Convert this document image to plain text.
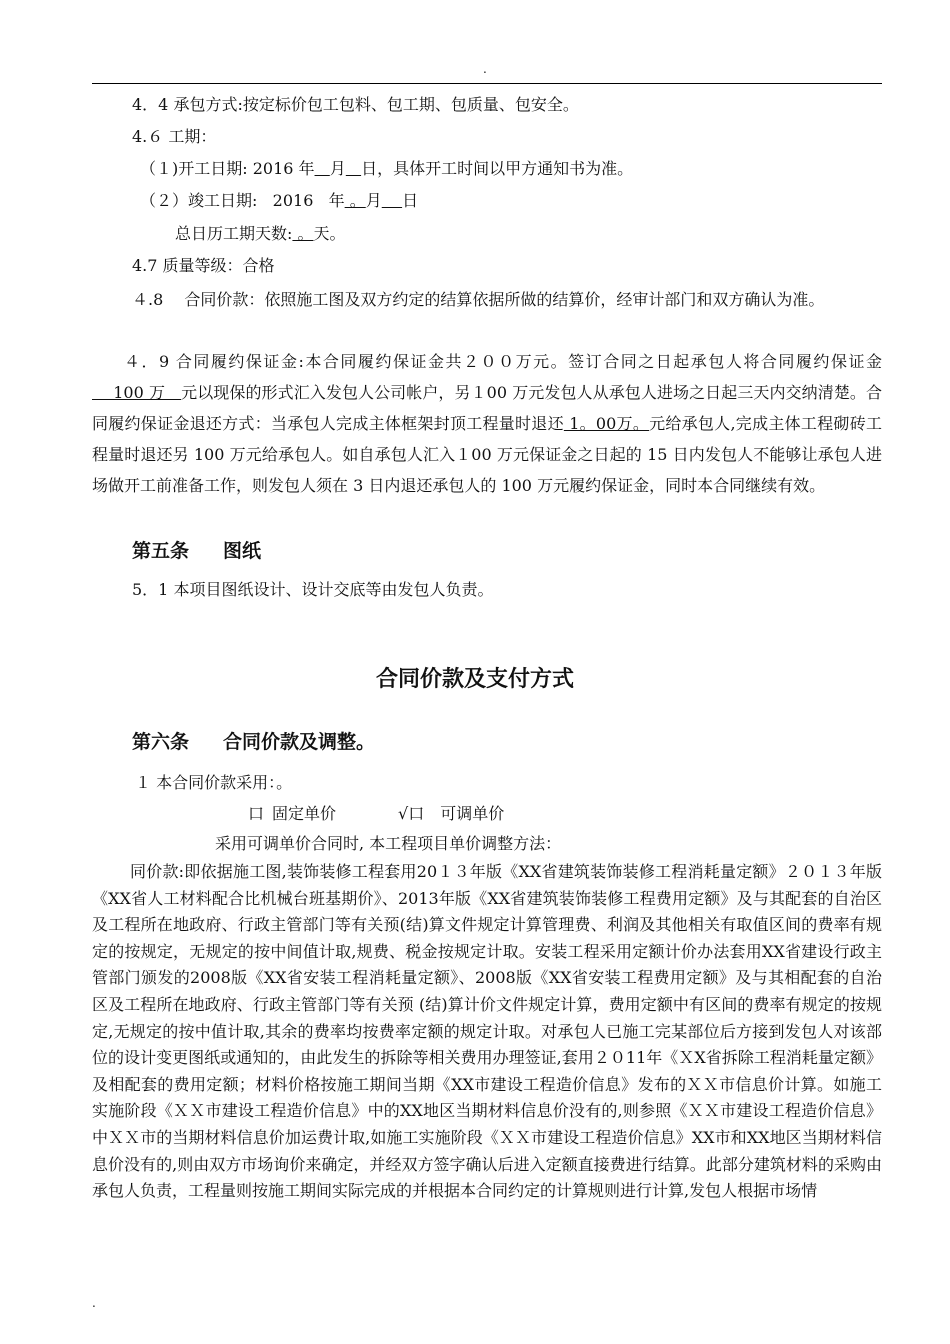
.
4．4 承包方式:按定标价包工包料、包工期、包质量、包安全。
4.６ 工期：
（１)开工日期: 2016 年 月 日，具体开工时间以甲方通知书为准。
（２）竣工日期:   2016   年 。月 日
总日历工期天数: 。天。
4.7 质量等级：合格
４.8　 合同价款：依照施工图及双方约定的结算依据所做的结算价，经审计部门和双方确认为准。
４．9 合同履约保证金:本合同履约保证金共２００万元。签订合同之日起承包人将合同履约保证金　　 100 万　元以现保的形式汇入发包人公司帐户，另１00 万元发包人从承包人进场之日起三天内交纳清楚。合同履约保证金退还方式：当承包人完成主体框架封顶工程量时退还 1。00万。元给承包人,完成主体工程砌砖工程量时退还另 100 万元给承包人。如自承包人汇入１00 万元保证金之日起的 15 日内发包人不能够让承包人进场做开工前准备工作，则发包人须在 3 日内退还承包人的 100 万元履约保证金，同时本合同继续有效。
第五条 图纸
5．1 本项目图纸设计、设计交底等由发包人负责。
合同价款及支付方式
第六条 合同价款及调整。
１ 本合同价款采用：。
口 固定单价	√口 可调单价
采用可调单价合同时, 本工程项目单价调整方法：
同价款:即依据施工图,装饰装修工程套用20１３年版《XX省建筑装饰装修工程消耗量定额》２０１３年版《XX省人工材料配合比机械台班基期价》、2013年版《XX省建筑装饰装修工程费用定额》及与其配套的自治区及工程所在地政府、行政主管部门等有关预(结)算文件规定计算管理费、利润及其他相关有取值区间的费率有规定的按规定，无规定的按中间值计取,规费、税金按规定计取。安装工程采用定额计价办法套用XX省建设行政主管部门颁发的2008版《XX省安装工程消耗量定额》、2008版《XX省安装工程费用定额》及与其相配套的自治区及工程所在地政府、行政主管部门等有关预 (结)算计价文件规定计算，费用定额中有区间的费率有规定的按规定,无规定的按中值计取,其余的费率均按费率定额的规定计取。对承包人已施工完某部位后方接到发包人对该部位的设计变更图纸或通知的，由此发生的拆除等相关费用办理签证,套用２０11年《ＸX省拆除工程消耗量定额》及相配套的费用定额；材料价格按施工期间当期《XX市建设工程造价信息》发布的ＸＸ市信息价计算。如施工实施阶段《ＸＸ市建设工程造价信息》中的XX地区当期材料信息价没有的,则参照《ＸＸ市建设工程造价信息》中ＸＸ市的当期材料信息价加运费计取,如施工实施阶段《ＸＸ市建设工程造价信息》XX市和XX地区当期材料信息价没有的,则由双方市场询价来确定，并经双方签字确认后进入定额直接费进行结算。此部分建筑材料的采购由承包人负责，工程量则按施工期间实际完成的并根据本合同约定的计算规则进行计算,发包人根据市场情
.
